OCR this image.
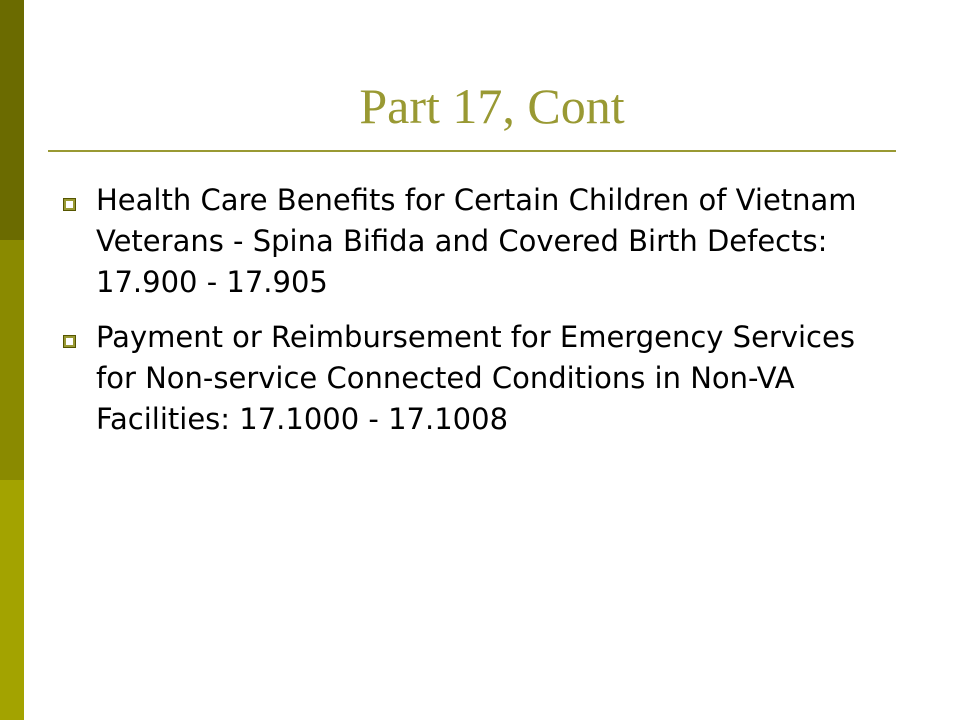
Part 17, Cont
Health Care Benefits for Certain Children of Vietnam Veterans - Spina Bifida and Covered Birth Defects: 17.900 - 17.905
Payment or Reimbursement for Emergency Services for Non-service Connected Conditions in Non-VA Facilities: 17.1000 - 17.1008
